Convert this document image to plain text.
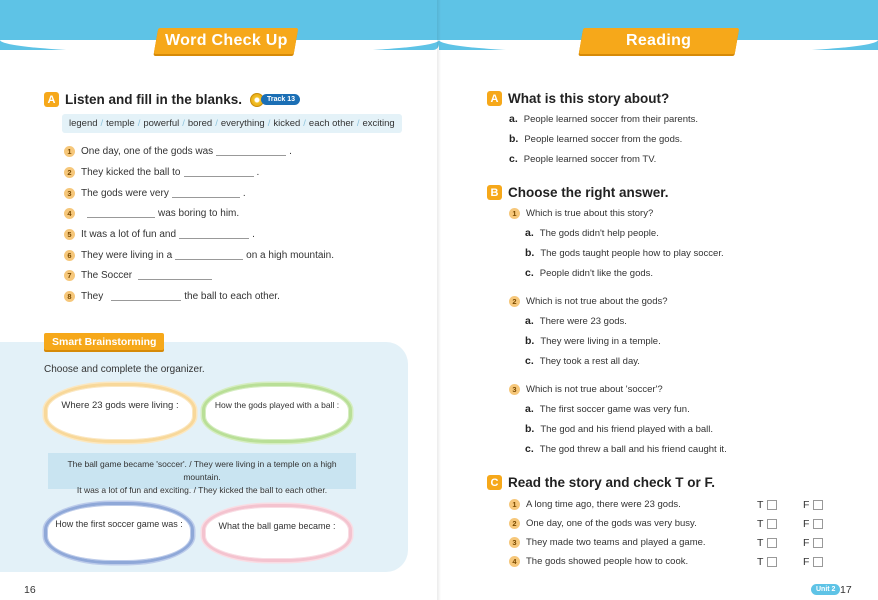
Word Check Up
A Listen and fill in the blanks.	Track 13
legend / temple / powerful / bored / everything / kicked / each other / exciting
1 One day, one of the gods was	.
2 They kicked the ball to	.
3 The gods were very	.
4	was boring to him.
5 It was a lot of fun and	.
6 They were living in a	on a high mountain.
7 The Soccer
8 They	the ball to each other.
Smart Brainstorming
Choose and complete the organizer.
Where 23 gods were living :	How the gods played with a ball :
The ball game became 'soccer'. / They were living in a temple on a high mountain.
It was a lot of fun and exciting. / They kicked the ball to each other.
How the first soccer game was :	What the ball game became :
16
Reading
A What is this story about?
a. People learned soccer from their parents.
b. People learned soccer from the gods.
c. People learned soccer from TV.
B Choose the right answer.
1 Which is true about this story?
a. The gods didn't help people.
b. The gods taught people how to play soccer.
c. People didn't like the gods.
2 Which is not true about the gods?
a. There were 23 gods.
b. They were living in a temple.
c. They took a rest all day.
3 Which is not true about 'soccer'?
a. The first soccer game was very fun.
b. The god and his friend played with a ball.
c. The god threw a ball and his friend caught it.
C Read the story and check T or F.
1 A long time ago, there were 23 gods.	T	F
2 One day, one of the gods was very busy.	T	F
3 They made two teams and played a game.	T	F
4 The gods showed people how to cook.	T	F
17
Unit 2
